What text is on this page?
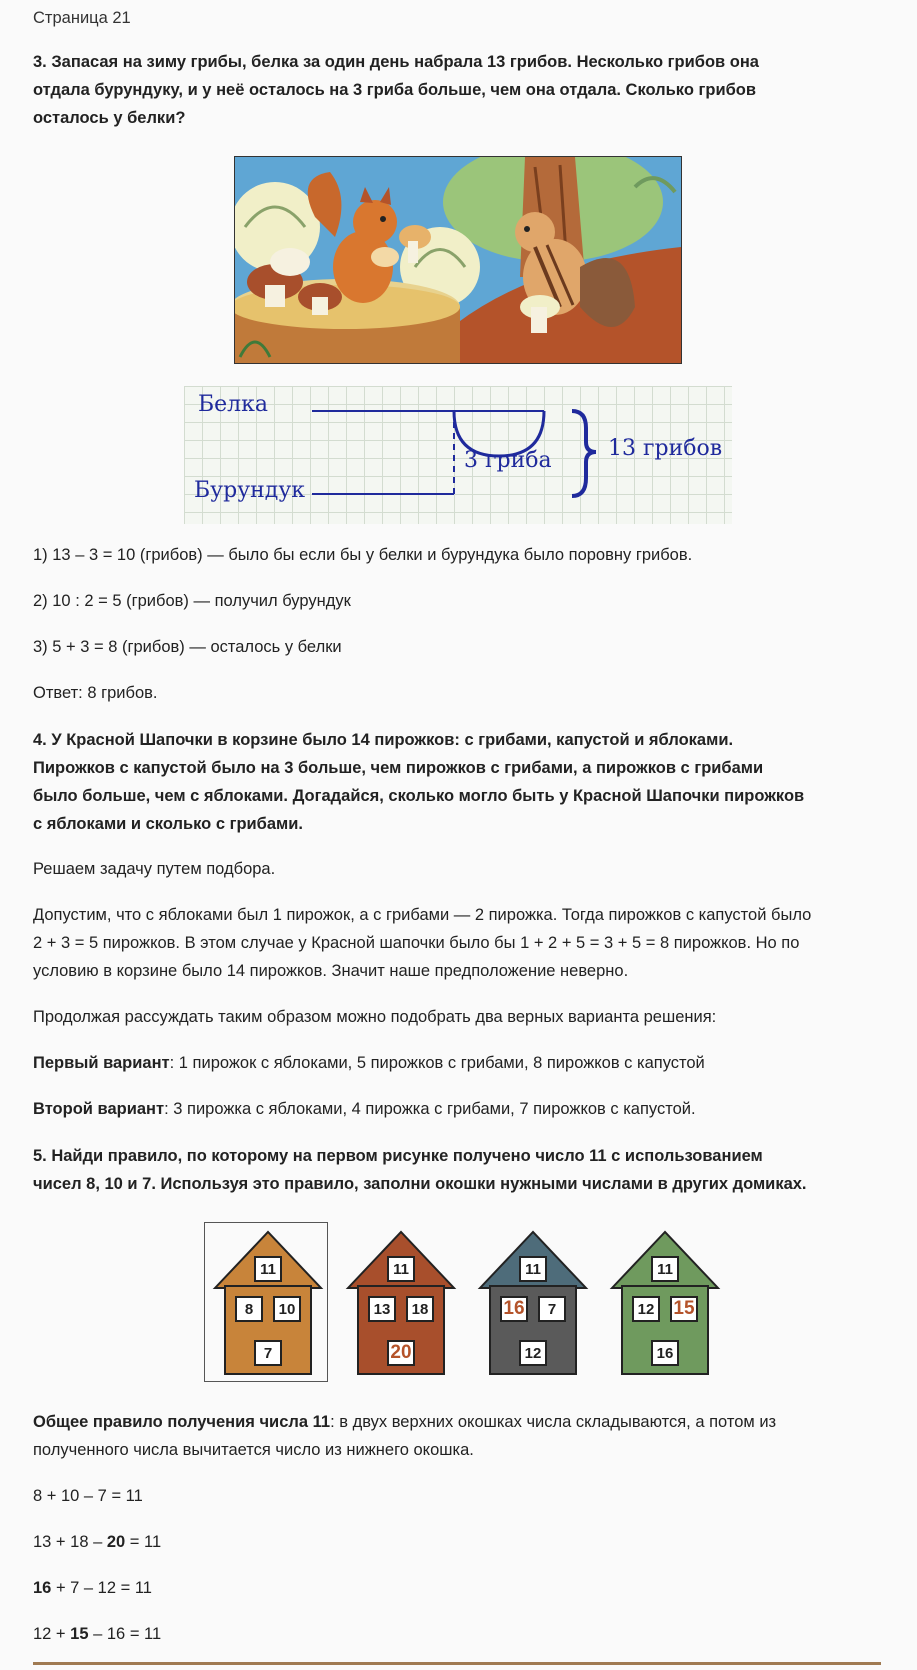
Страница 21
3. Запасая на зиму грибы, белка за один день набрала 13 грибов. Несколько грибов она
отдала бурундуку, и у неё осталось на 3 гриба больше, чем она отдала. Сколько грибов
осталось у белки?
Белка
Бурундук
3 гриба	13 грибов
1) 13 – 3 = 10 (грибов) — было бы если бы у белки и бурундука было поровну грибов.
2) 10 : 2 = 5 (грибов) — получил бурундук
3) 5 + 3 = 8 (грибов) — осталось у белки
Ответ: 8 грибов.
4. У Красной Шапочки в корзине было 14 пирожков: с грибами, капустой и яблоками.
Пирожков с капустой было на 3 больше, чем пирожков с грибами, а пирожков с грибами
было больше, чем с яблоками. Догадайся, сколько могло быть у Красной Шапочки пирожков
с яблоками и сколько с грибами.
Решаем задачу путем подбора.
Допустим, что с яблоками был 1 пирожок, а с грибами — 2 пирожка. Тогда пирожков с капустой было
2 + 3 = 5 пирожков. В этом случае у Красной шапочки было бы 1 + 2 + 5 = 3 + 5 = 8 пирожков. Но по
условию в корзине было 14 пирожков. Значит наше предположение неверно.
Продолжая рассуждать таким образом можно подобрать два верных варианта решения:
Первый вариант: 1 пирожок с яблоками, 5 пирожков с грибами, 8 пирожков с капустой
Второй вариант: 3 пирожка с яблоками, 4 пирожка с грибами, 7 пирожков с капустой.
5. Найди правило, по которому на первом рисунке получено число 11 с использованием
чисел 8, 10 и 7. Используя это правило, заполни окошки нужными числами в других домиках.
11
8	10
7
11
13	18
20
11
16	7
12
11
12 15
16
Общее правило получения числа 11: в двух верхних окошках числа складываются, а потом из
полученного числа вычитается число из нижнего окошка.
8 + 10 – 7 = 11
13 + 18 – 20 = 11
16 + 7 – 12 = 11
12 + 15 – 16 = 11
